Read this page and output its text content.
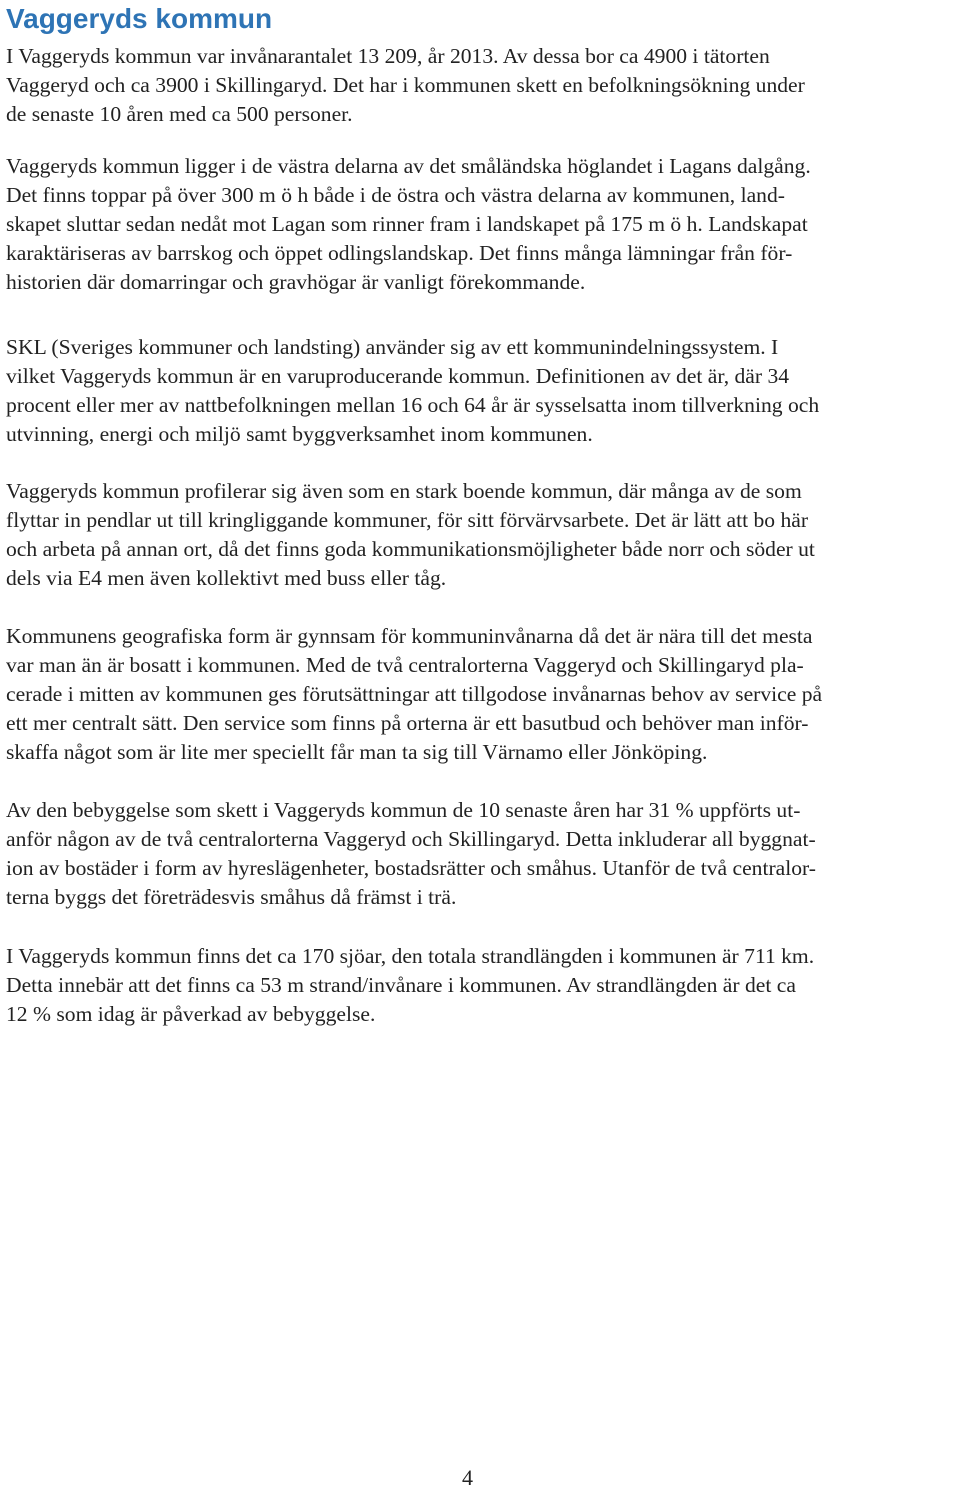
Vaggeryds kommun

I Vaggeryds kommun var invånarantalet 13 209, år 2013. Av dessa bor ca 4900 i tätorten
Vaggeryd och ca 3900 i Skillingaryd. Det har i kommunen skett en befolkningsökning under
de senaste 10 åren med ca 500 personer.

Vaggeryds kommun ligger i de västra delarna av det småländska höglandet i Lagans dalgång.
Det finns toppar på över 300 m ö h både i de östra och västra delarna av kommunen, land-
skapet sluttar sedan nedåt mot Lagan som rinner fram i landskapet på 175 m ö h. Landskapat
karaktäriseras av barrskog och öppet odlingslandskap. Det finns många lämningar från för-
historien där domarringar och gravhögar är vanligt förekommande.

SKL (Sveriges kommuner och landsting) använder sig av ett kommunindelningssystem. I
vilket Vaggeryds kommun är en varuproducerande kommun. Definitionen av det är, där 34
procent eller mer av nattbefolkningen mellan 16 och 64 år är sysselsatta inom tillverkning och
utvinning, energi och miljö samt byggverksamhet inom kommunen.

Vaggeryds kommun profilerar sig även som en stark boende kommun, där många av de som
flyttar in pendlar ut till kringliggande kommuner, för sitt förvärvsarbete. Det är lätt att bo här
och arbeta på annan ort, då det finns goda kommunikationsmöjligheter både norr och söder ut
dels via E4 men även kollektivt med buss eller tåg.

Kommunens geografiska form är gynnsam för kommuninvånarna då det är nära till det mesta
var man än är bosatt i kommunen. Med de två centralorterna Vaggeryd och Skillingaryd pla-
cerade i mitten av kommunen ges förutsättningar att tillgodose invånarnas behov av service på
ett mer centralt sätt. Den service som finns på orterna är ett basutbud och behöver man inför-
skaffa något som är lite mer speciellt får man ta sig till Värnamo eller Jönköping.

Av den bebyggelse som skett i Vaggeryds kommun de 10 senaste åren har 31 % uppförts ut-
anför någon av de två centralorterna Vaggeryd och Skillingaryd. Detta inkluderar all byggnat-
ion av bostäder i form av hyreslägenheter, bostadsrätter och småhus. Utanför de två centralor-
terna byggs det företrädesvis småhus då främst i trä.

I Vaggeryds kommun finns det ca 170 sjöar, den totala strandlängden i kommunen är 711 km.
Detta innebär att det finns ca 53 m strand/invånare i kommunen. Av strandlängden är det ca
12 % som idag är påverkad av bebyggelse.

4
